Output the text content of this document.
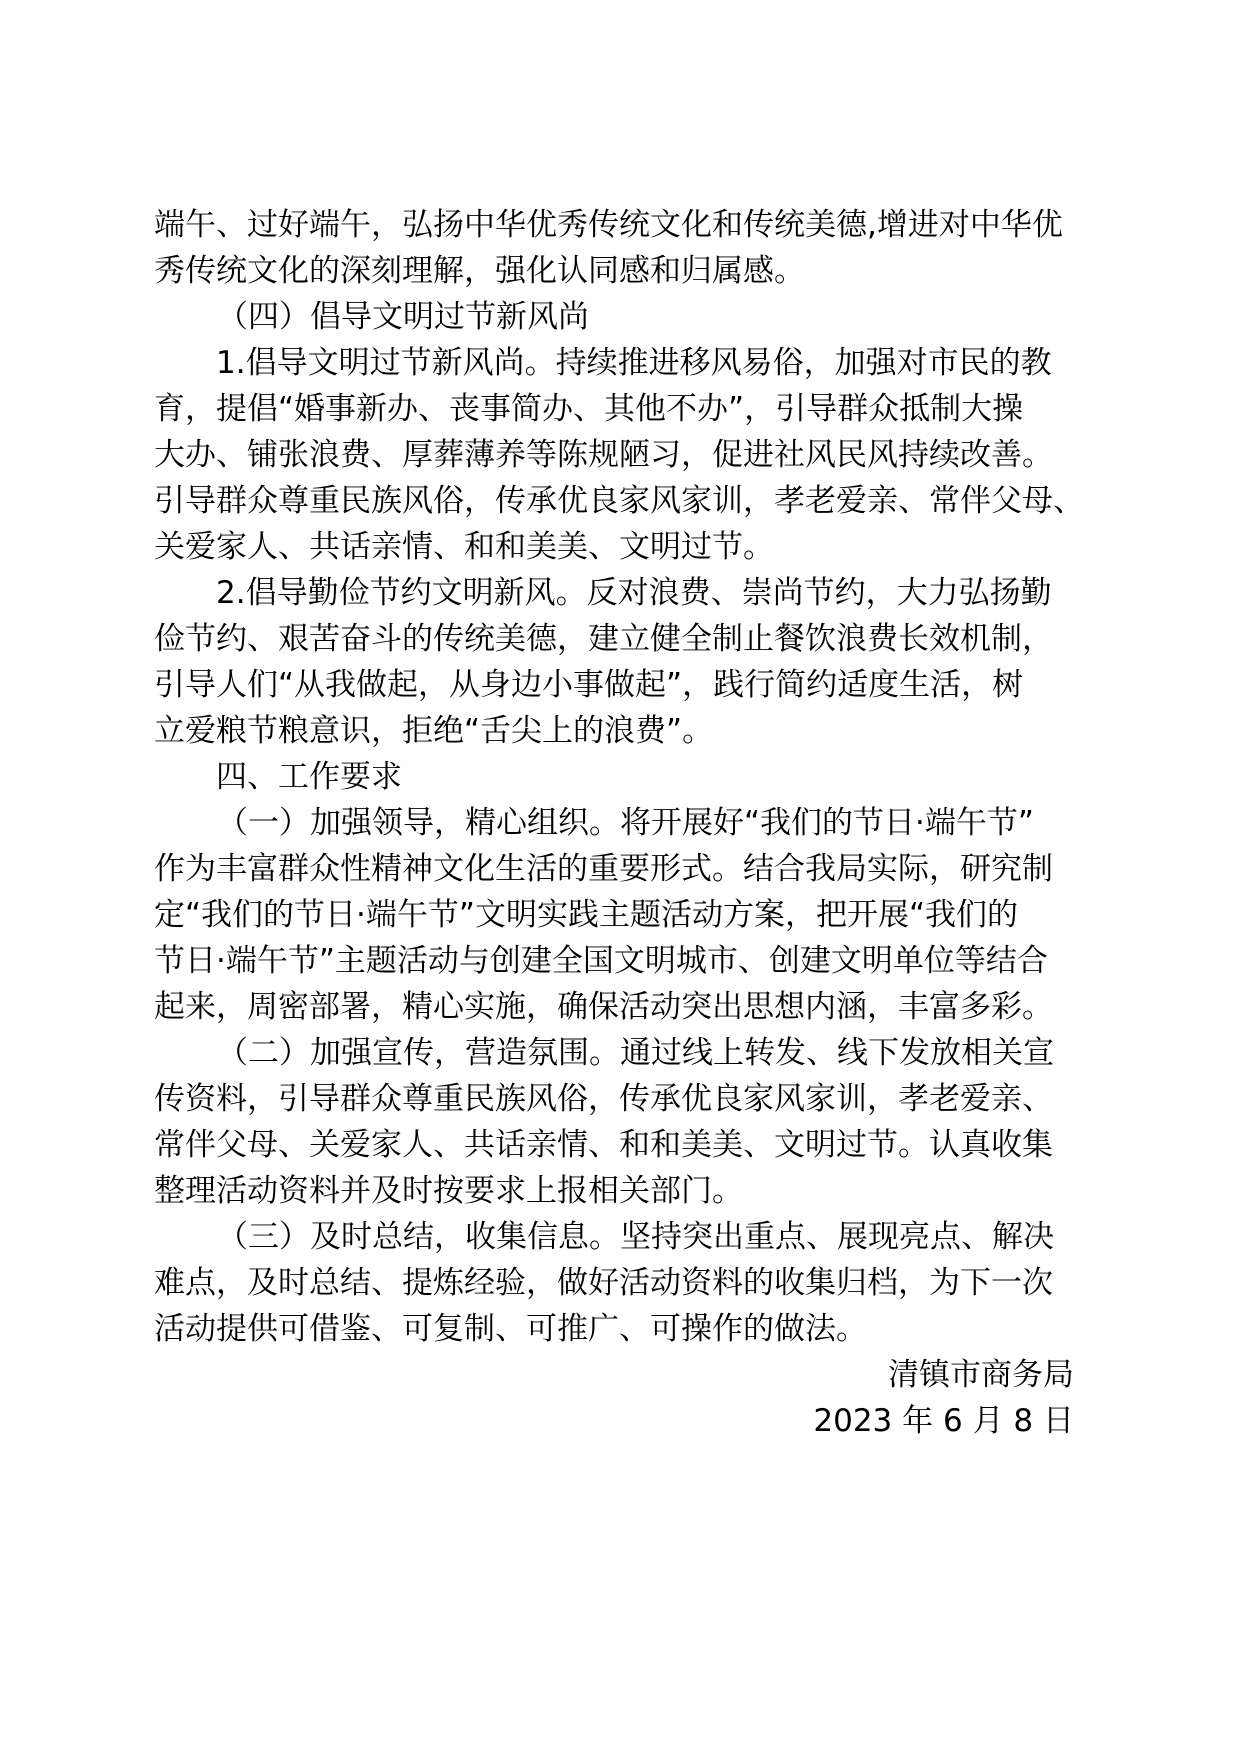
端午、过好端午，弘扬中华优秀传统文化和传统美德,增进对中华优
秀传统文化的深刻理解，强化认同感和归属感。
（四）倡导文明过节新风尚
1.倡导文明过节新风尚。持续推进移风易俗，加强对市民的教
育，提倡“婚事新办、丧事简办、其他不办”，引导群众抵制大操
大办、铺张浪费、厚葬薄养等陈规陋习，促进社风民风持续改善。
引导群众尊重民族风俗，传承优良家风家训，孝老爱亲、常伴父母、
关爱家人、共话亲情、和和美美、文明过节。
2.倡导勤俭节约文明新风。反对浪费、崇尚节约，大力弘扬勤
俭节约、艰苦奋斗的传统美德，建立健全制止餐饮浪费长效机制，
引导人们“从我做起，从身边小事做起”，践行简约适度生活，树
立爱粮节粮意识，拒绝“舌尖上的浪费”。
四、工作要求
（一）加强领导，精心组织。将开展好“我们的节日·端午节”
作为丰富群众性精神文化生活的重要形式。结合我局实际，研究制
定“我们的节日·端午节”文明实践主题活动方案，把开展“我们的
节日·端午节”主题活动与创建全国文明城市、创建文明单位等结合
起来，周密部署，精心实施，确保活动突出思想内涵，丰富多彩。
（二）加强宣传，营造氛围。通过线上转发、线下发放相关宣
传资料，引导群众尊重民族风俗，传承优良家风家训，孝老爱亲、
常伴父母、关爱家人、共话亲情、和和美美、文明过节。认真收集
整理活动资料并及时按要求上报相关部门。
（三）及时总结，收集信息。坚持突出重点、展现亮点、解决
难点，及时总结、提炼经验，做好活动资料的收集归档，为下一次
活动提供可借鉴、可复制、可推广、可操作的做法。
清镇市商务局
2023 年 6 月 8 日
